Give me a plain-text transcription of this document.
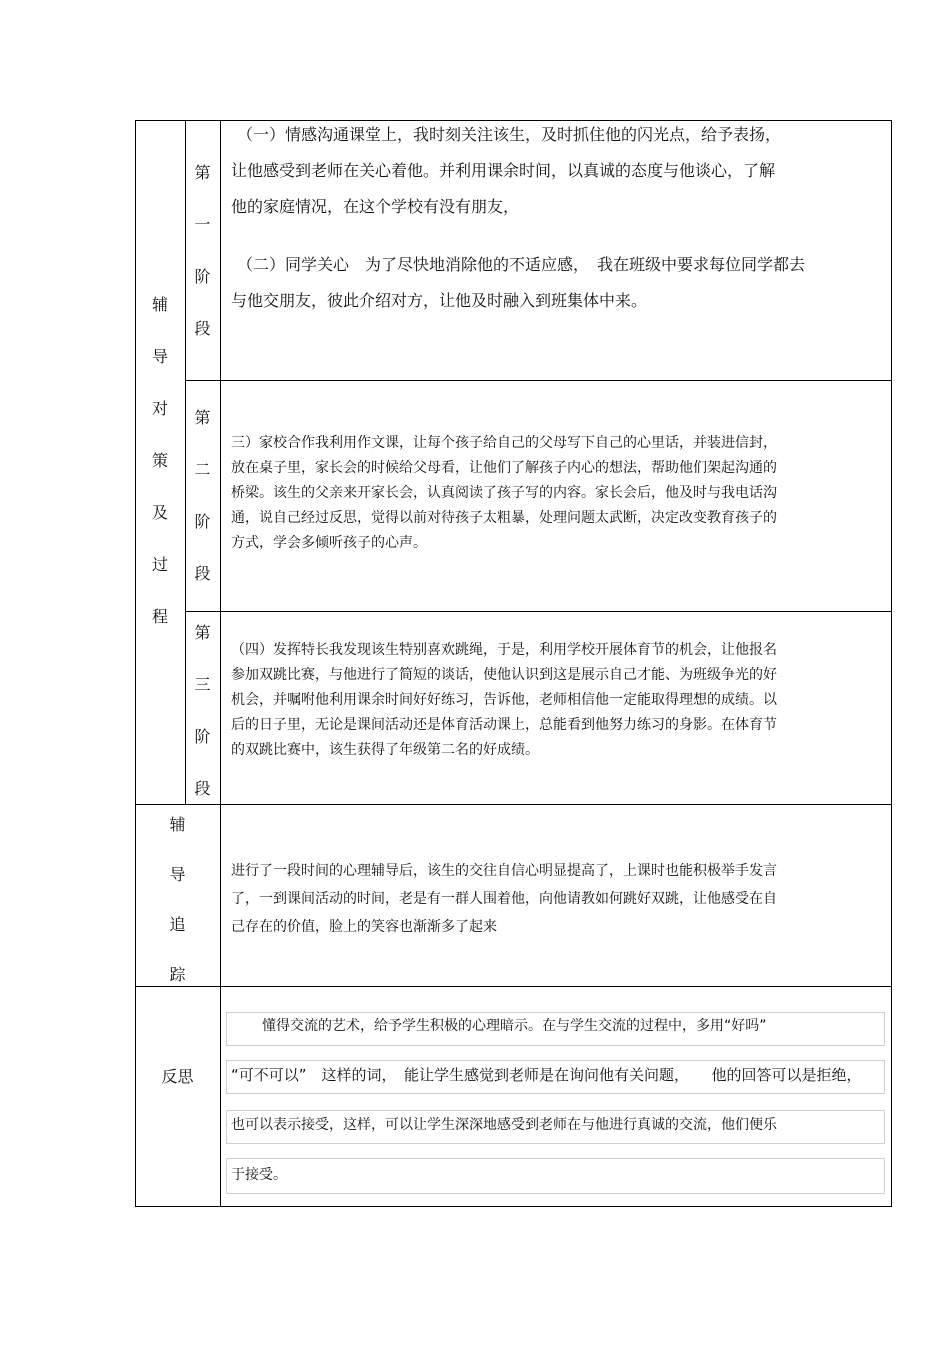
辅
导
对
策
及
过
程
第
一
阶
段
（一）情感沟通课堂上，我时刻关注该生，及时抓住他的闪光点，给予表扬，
让他感受到老师在关心着他。并利用课余时间，以真诚的态度与他谈心，了解
他的家庭情况，在这个学校有没有朋友，
（二）同学关心　为了尽快地消除他的不适应感，　我在班级中要求每位同学都去
与他交朋友，彼此介绍对方，让他及时融入到班集体中来。
第
二
阶
段
三）家校合作我利用作文课，让每个孩子给自己的父母写下自己的心里话，并装进信封，
放在桌子里，家长会的时候给父母看，让他们了解孩子内心的想法，帮助他们架起沟通的
桥梁。该生的父亲来开家长会，认真阅读了孩子写的内容。家长会后，他及时与我电话沟
通，说自己经过反思，觉得以前对待孩子太粗暴，处理问题太武断，决定改变教育孩子的
方式，学会多倾听孩子的心声。
第
三
阶
段
（四）发挥特长我发现该生特别喜欢跳绳，于是，利用学校开展体育节的机会，让他报名
参加双跳比赛，与他进行了简短的谈话，使他认识到这是展示自己才能、为班级争光的好
机会，并嘱咐他利用课余时间好好练习，告诉他，老师相信他一定能取得理想的成绩。以
后的日子里，无论是课间活动还是体育活动课上，总能看到他努力练习的身影。在体育节
的双跳比赛中，该生获得了年级第二名的好成绩。
辅
导
追
踪
进行了一段时间的心理辅导后，该生的交往自信心明显提高了，上课时也能积极举手发言
了，一到课间活动的时间，老是有一群人围着他，向他请教如何跳好双跳，让他感受在自
己存在的价值，脸上的笑容也渐渐多了起来
反思
懂得交流的艺术，给予学生积极的心理暗示。在与学生交流的过程中，多用“好吗”
“可不可以”　这样的词，　能让学生感觉到老师是在询问他有关问题，　　他的回答可以是拒绝，
也可以表示接受，这样，可以让学生深深地感受到老师在与他进行真诚的交流，他们便乐
于接受。
